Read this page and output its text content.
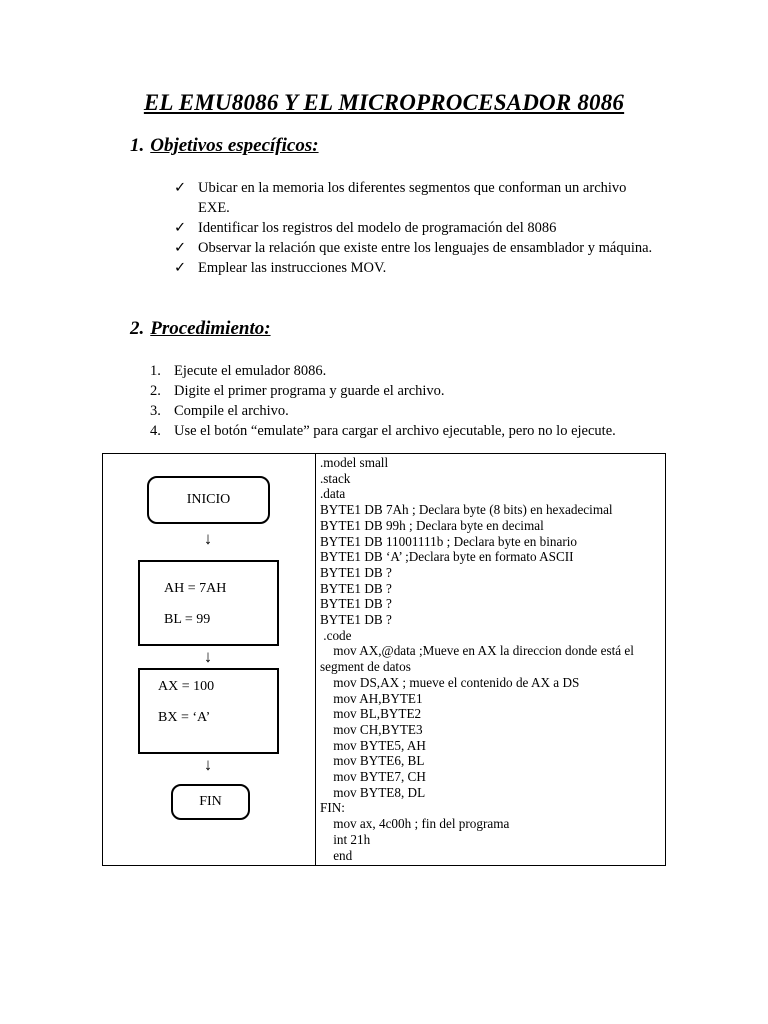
EL EMU8086 Y EL MICROPROCESADOR 8086
1. Objetivos específicos:
✓ Ubicar en la memoria los diferentes segmentos que conforman un archivo EXE.
✓ Identificar los registros del modelo de programación del 8086
✓ Observar la relación que existe entre los lenguajes de ensamblador y máquina.
✓ Emplear las instrucciones MOV.
2. Procedimiento:
1. Ejecute el emulador 8086.
2. Digite el primer programa y guarde el archivo.
3. Compile el archivo.
4. Use el botón “emulate” para cargar el archivo ejecutable, pero no lo ejecute.
INICIO
↓
AH = 7AH
BL = 99
↓
AX = 100
BX = ‘A’
↓
FIN
.model small
.stack
.data
BYTE1 DB 7Ah ; Declara byte (8 bits) en hexadecimal
BYTE1 DB 99h ; Declara byte en decimal
BYTE1 DB 11001111b ; Declara byte en binario
BYTE1 DB ‘A’ ;Declara byte en formato ASCII
BYTE1 DB ?
BYTE1 DB ?
BYTE1 DB ?
BYTE1 DB ?
.code
mov AX,@data ;Mueve en AX la direccion donde está el
segment de datos
mov DS,AX ; mueve el contenido de AX a DS
mov AH,BYTE1
mov BL,BYTE2
mov CH,BYTE3
mov BYTE5, AH
mov BYTE6, BL
mov BYTE7, CH
mov BYTE8, DL
FIN:
mov ax, 4c00h ; fin del programa
int 21h
end
